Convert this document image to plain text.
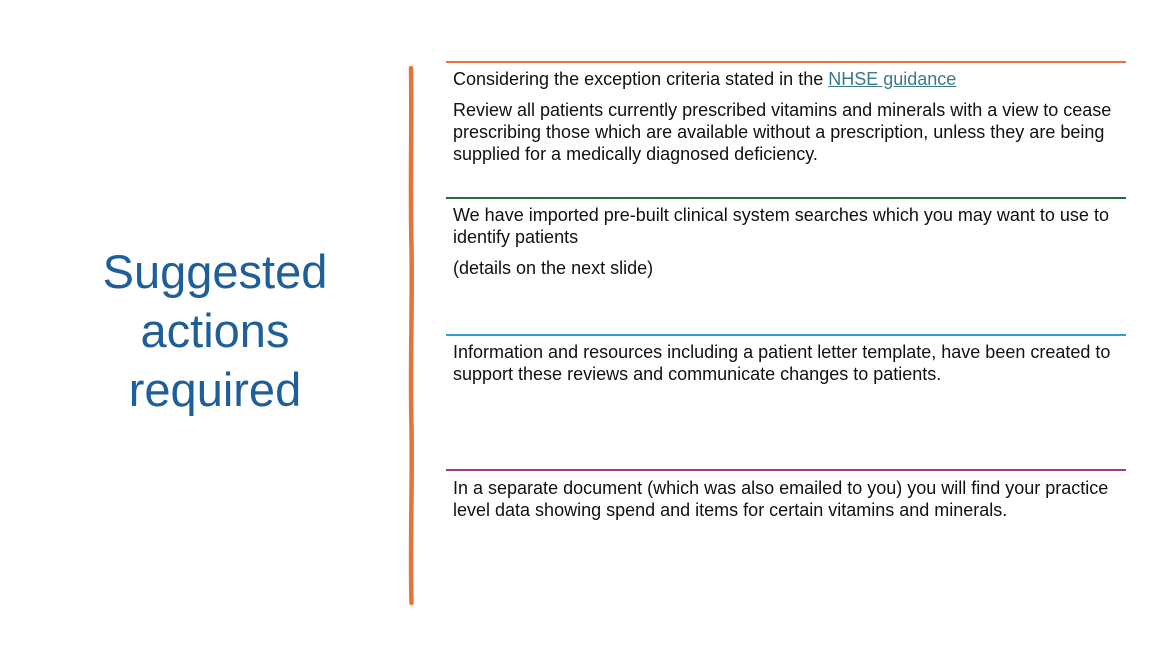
Suggested
actions
required

Considering the exception criteria stated in the NHSE guidance

Review all patients currently prescribed vitamins and minerals with a view to cease prescribing those which are available without a prescription, unless they are being supplied for a medically diagnosed deficiency.

We have imported pre-built clinical system searches which you may want to use to identify patients

(details on the next slide)

Information and resources including a patient letter template, have been created to support these reviews and communicate changes to patients.

In a separate document (which was also emailed to you) you will find your practice level data showing spend and items for certain vitamins and minerals.
